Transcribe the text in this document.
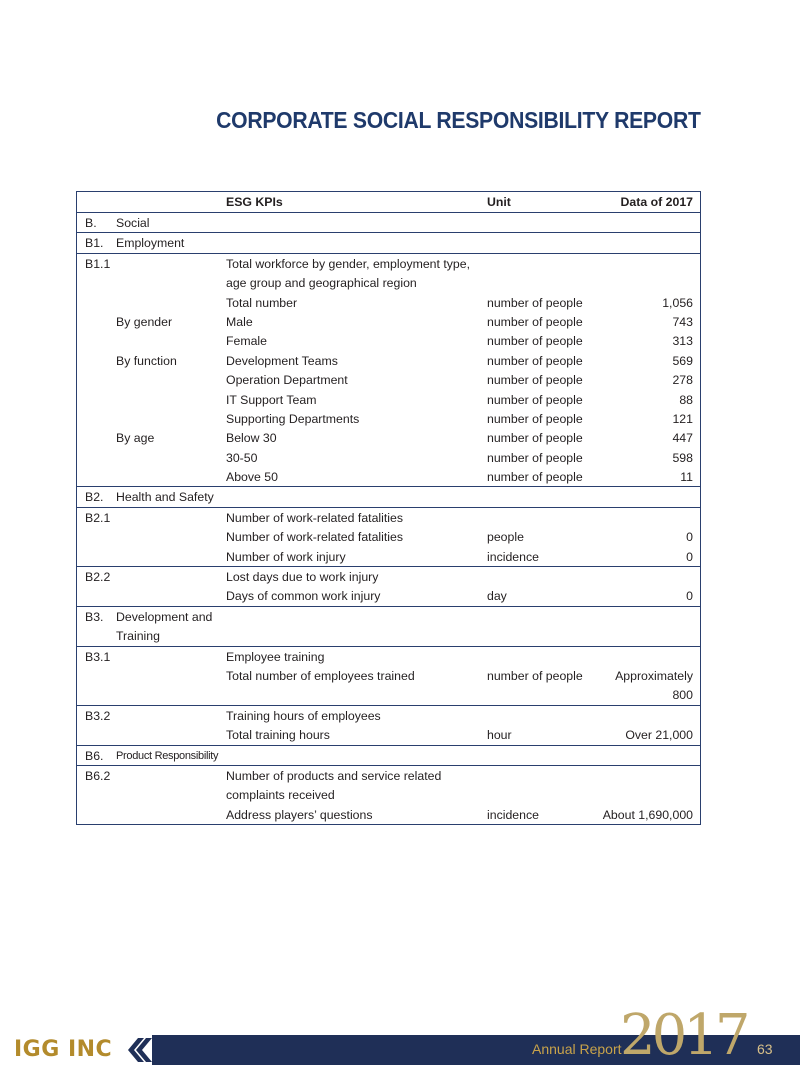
CORPORATE SOCIAL RESPONSIBILITY REPORT
ESG KPIs	Unit	Data of 2017
B. Social
B1. Employment
B1.1	Total workforce by gender, employment type,
age group and geographical region
Total number	number of people	1,056
By gender	Male	number of people	743
Female	number of people	313
By function	Development Teams	number of people	569
Operation Department	number of people	278
IT Support Team	number of people	88
Supporting Departments	number of people	121
By age	Below 30	number of people	447
30-50	number of people	598
Above 50	number of people	11
B2. Health and Safety
B2.1	Number of work-related fatalities
Number of work-related fatalities	people	0
Number of work injury	incidence	0
B2.2	Lost days due to work injury
Days of common work injury	day	0
B3. Development and
Training
B3.1	Employee training
Total number of employees trained	number of people	Approximately
800
B3.2	Training hours of employees
Total training hours	hour	Over 21,000
B6. Product Responsibility
B6.2	Number of products and service related
complaints received
Address players’ questions	incidence	About 1,690,000
IGG INC	Annual Report
2017 63
